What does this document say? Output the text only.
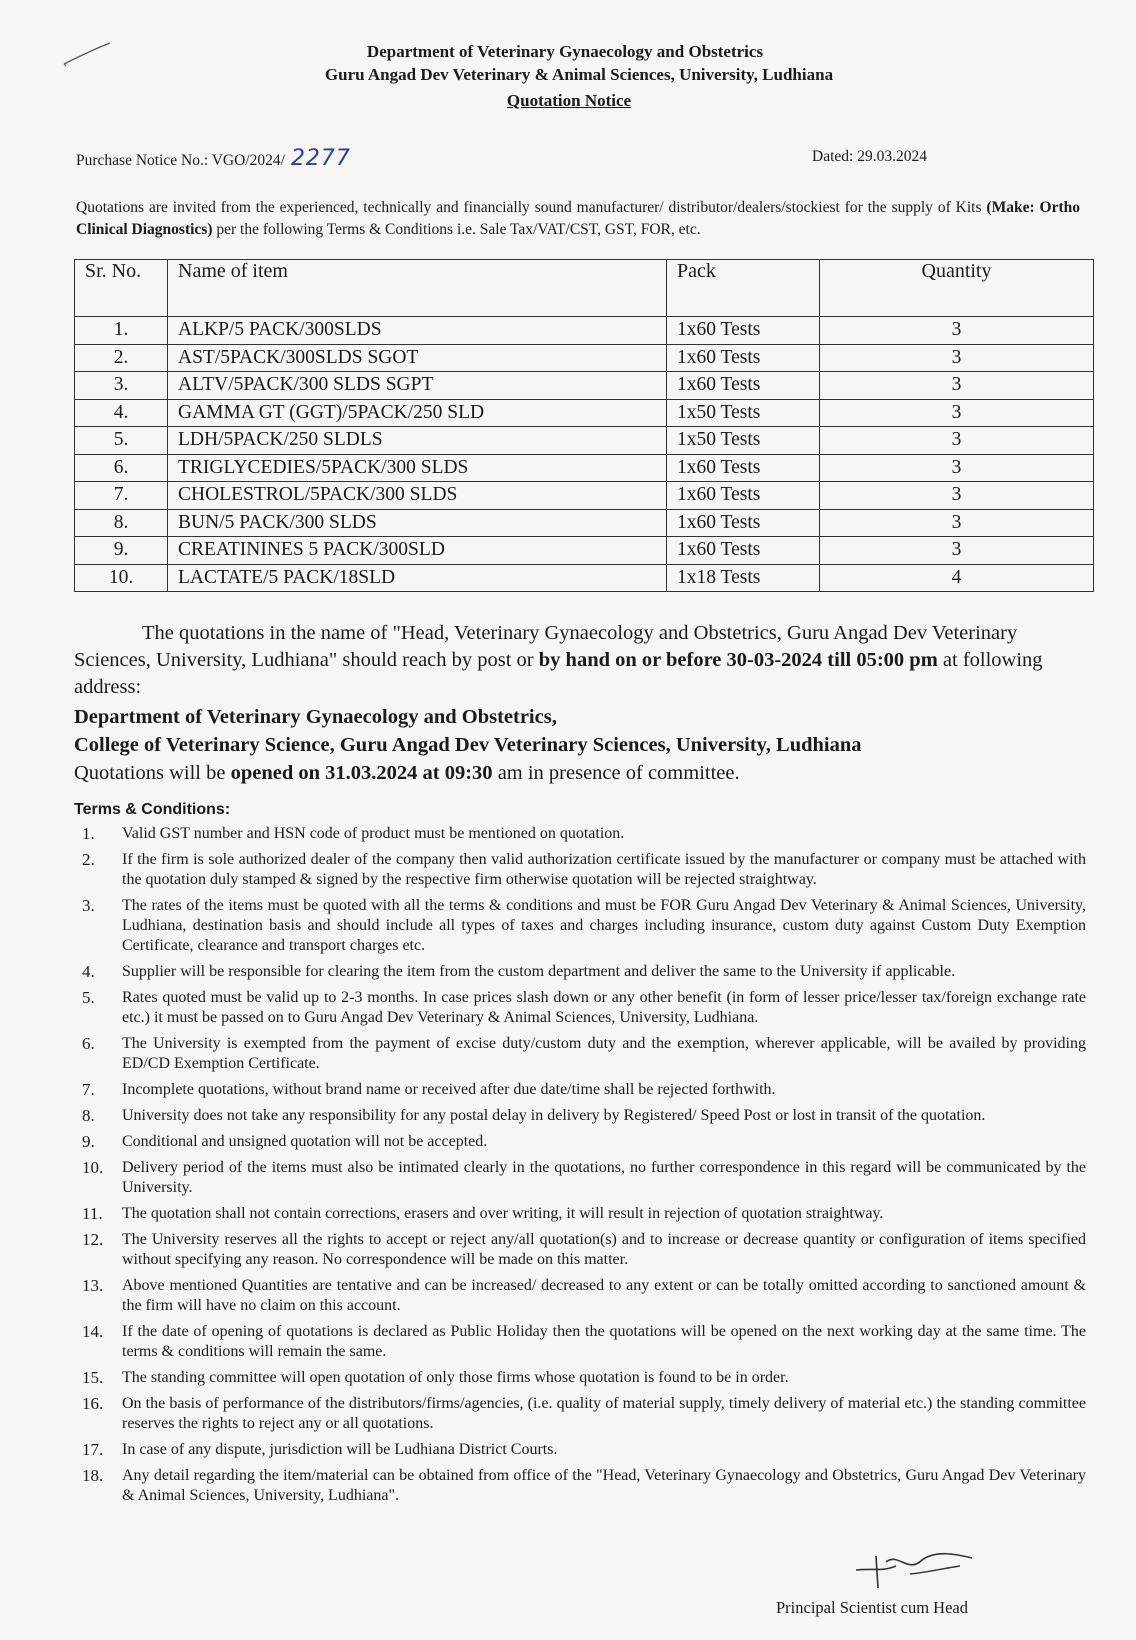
Department of Veterinary Gynaecology and Obstetrics
Guru Angad Dev Veterinary & Animal Sciences, University, Ludhiana
Quotation Notice
Purchase Notice No.: VGO/2024/ 2277	Dated: 29.03.2024
Quotations are invited from the experienced, technically and financially sound manufacturer/ distributor/dealers/stockiest for the supply of Kits (Make: Ortho Clinical Diagnostics) per the following Terms & Conditions i.e. Sale Tax/VAT/CST, GST, FOR, etc.
Sr. No.	Name of item	Pack	Quantity
1.	ALKP/5 PACK/300SLDS	1x60 Tests	3
2.	AST/5PACK/300SLDS SGOT	1x60 Tests	3
3.	ALTV/5PACK/300 SLDS SGPT	1x60 Tests	3
4.	GAMMA GT (GGT)/5PACK/250 SLD	1x50 Tests	3
5.	LDH/5PACK/250 SLDLS	1x50 Tests	3
6.	TRIGLYCEDIES/5PACK/300 SLDS	1x60 Tests	3
7.	CHOLESTROL/5PACK/300 SLDS	1x60 Tests	3
8.	BUN/5 PACK/300 SLDS	1x60 Tests	3
9.	CREATININES 5 PACK/300SLD	1x60 Tests	3
10.	LACTATE/5 PACK/18SLD	1x18 Tests	4
The quotations in the name of "Head, Veterinary Gynaecology and Obstetrics, Guru Angad Dev Veterinary Sciences, University, Ludhiana" should reach by post or by hand on or before 30-03-2024 till 05:00 pm at following address:
Department of Veterinary Gynaecology and Obstetrics,
College of Veterinary Science, Guru Angad Dev Veterinary Sciences, University, Ludhiana
Quotations will be opened on 31.03.2024 at 09:30 am in presence of committee.
Terms & Conditions:
1. Valid GST number and HSN code of product must be mentioned on quotation.
2. If the firm is sole authorized dealer of the company then valid authorization certificate issued by the manufacturer or company must be attached with the quotation duly stamped & signed by the respective firm otherwise quotation will be rejected straightway.
3. The rates of the items must be quoted with all the terms & conditions and must be FOR Guru Angad Dev Veterinary & Animal Sciences, University, Ludhiana, destination basis and should include all types of taxes and charges including insurance, custom duty against Custom Duty Exemption Certificate, clearance and transport charges etc.
4. Supplier will be responsible for clearing the item from the custom department and deliver the same to the University if applicable.
5. Rates quoted must be valid up to 2-3 months. In case prices slash down or any other benefit (in form of lesser price/lesser tax/foreign exchange rate etc.) it must be passed on to Guru Angad Dev Veterinary & Animal Sciences, University, Ludhiana.
6. The University is exempted from the payment of excise duty/custom duty and the exemption, wherever applicable, will be availed by providing ED/CD Exemption Certificate.
7. Incomplete quotations, without brand name or received after due date/time shall be rejected forthwith.
8. University does not take any responsibility for any postal delay in delivery by Registered/ Speed Post or lost in transit of the quotation.
9. Conditional and unsigned quotation will not be accepted.
10. Delivery period of the items must also be intimated clearly in the quotations, no further correspondence in this regard will be communicated by the University.
11. The quotation shall not contain corrections, erasers and over writing, it will result in rejection of quotation straightway.
12. The University reserves all the rights to accept or reject any/all quotation(s) and to increase or decrease quantity or configuration of items specified without specifying any reason. No correspondence will be made on this matter.
13. Above mentioned Quantities are tentative and can be increased/ decreased to any extent or can be totally omitted according to sanctioned amount & the firm will have no claim on this account.
14. If the date of opening of quotations is declared as Public Holiday then the quotations will be opened on the next working day at the same time. The terms & conditions will remain the same.
15. The standing committee will open quotation of only those firms whose quotation is found to be in order.
16. On the basis of performance of the distributors/firms/agencies, (i.e. quality of material supply, timely delivery of material etc.) the standing committee reserves the rights to reject any or all quotations.
17. In case of any dispute, jurisdiction will be Ludhiana District Courts.
18. Any detail regarding the item/material can be obtained from office of the "Head, Veterinary Gynaecology and Obstetrics, Guru Angad Dev Veterinary & Animal Sciences, University, Ludhiana".
Principal Scientist cum Head
